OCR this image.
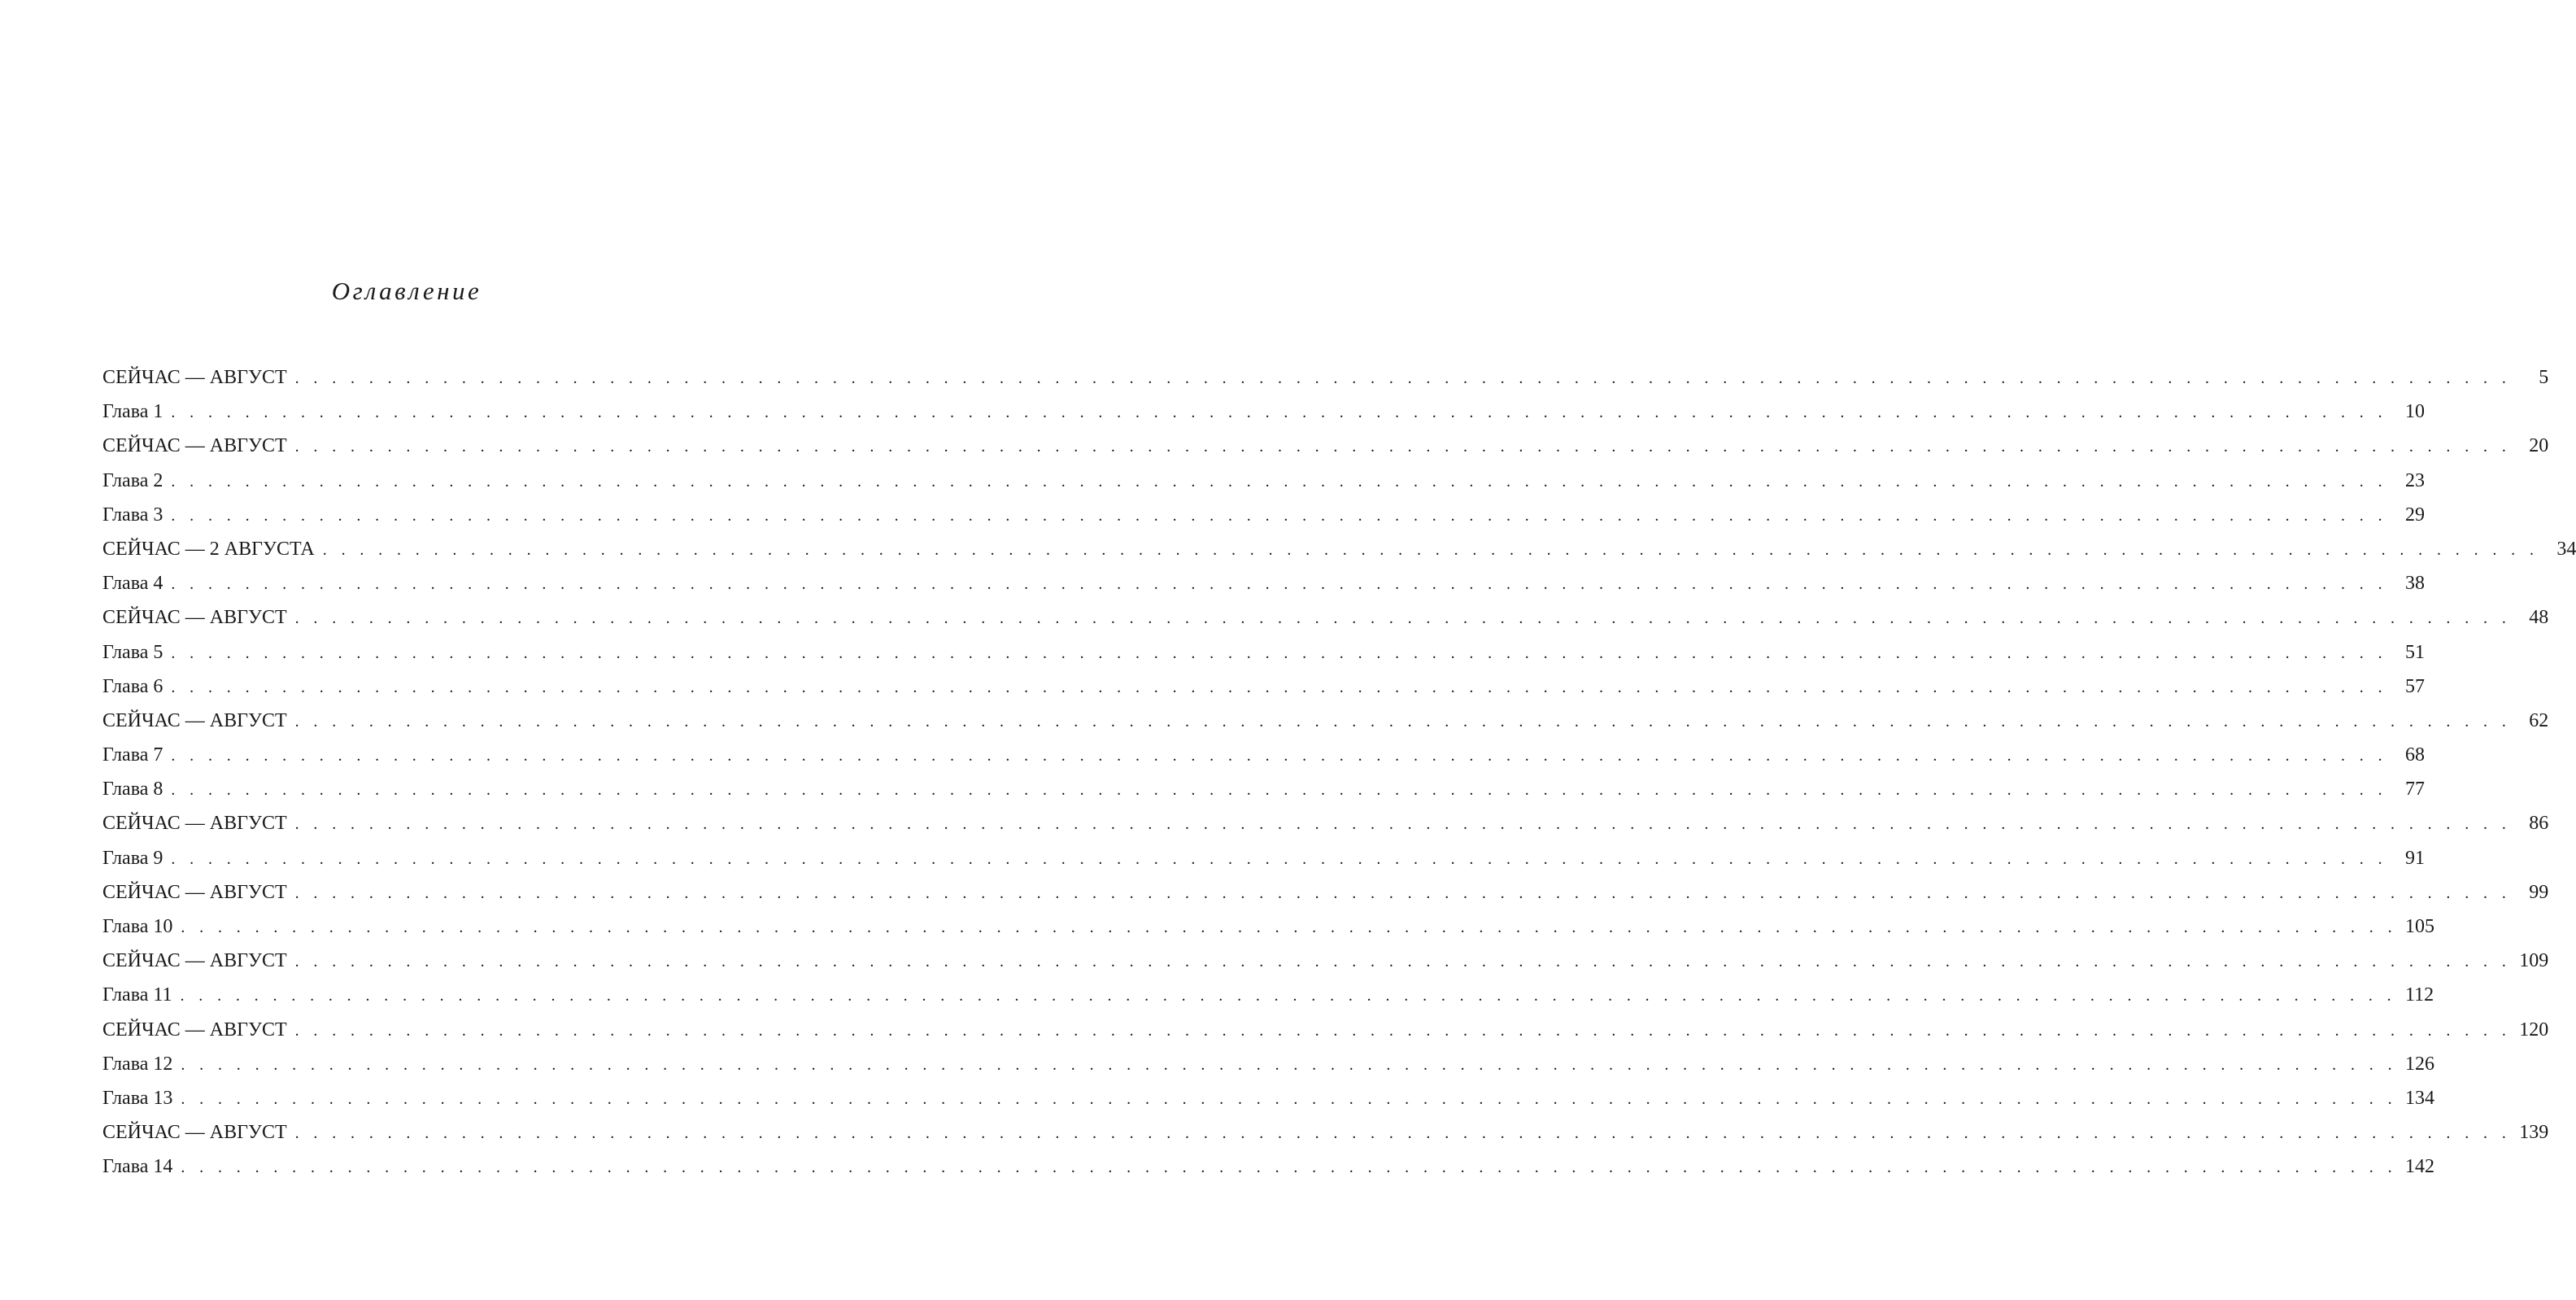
Оглавление
СЕЙЧАС — АВГУСТ . . . . . . . . . . . . . . . . . . . . . . . . . . . . . . . . . . . . . . . . . . . . . . . . . . . . . . . . . . . . . . . . . . . . . . . . . . . . . . . . . . . . . . . . . . . . . . . . . . . . . . . . . . . . . . . . . . . . . . . .	5
Глава 1 . . . . . . . . . . . . . . . . . . . . . . . . . . . . . . . . . . . . . . . . . . . . . . . . . . . . . . . . . . . . . . . . . . . . . . . . . . . . . . . . . . . . . . . . . . . . . . . . . . . . . . . . . . . . . . . . . . . . . . . . 10
СЕЙЧАС — АВГУСТ . . . . . . . . . . . . . . . . . . . . . . . . . . . . . . . . . . . . . . . . . . . . . . . . . . . . . . . . . . . . . . . . . . . . . . . . . . . . . . . . . . . . . . . . . . . . . . . . . . . . . . . . . . . . . . . . . . . . . . . . 20
Глава 2 . . . . . . . . . . . . . . . . . . . . . . . . . . . . . . . . . . . . . . . . . . . . . . . . . . . . . . . . . . . . . . . . . . . . . . . . . . . . . . . . . . . . . . . . . . . . . . . . . . . . . . . . . . . . . . . . . . . . . . . . 23
Глава 3 . . . . . . . . . . . . . . . . . . . . . . . . . . . . . . . . . . . . . . . . . . . . . . . . . . . . . . . . . . . . . . . . . . . . . . . . . . . . . . . . . . . . . . . . . . . . . . . . . . . . . . . . . . . . . . . . . . . . . . . . 29
СЕЙЧАС — 2 АВГУСТА . . . . . . . . . . . . . . . . . . . . . . . . . . . . . . . . . . . . . . . . . . . . . . . . . . . . . . . . . . . . . . . . . . . . . . . . . . . . . . . . . . . . . . . . . . . . . . . . . . . . . . . . . . . . . . . . . . . . . . . . 34
Глава 4 . . . . . . . . . . . . . . . . . . . . . . . . . . . . . . . . . . . . . . . . . . . . . . . . . . . . . . . . . . . . . . . . . . . . . . . . . . . . . . . . . . . . . . . . . . . . . . . . . . . . . . . . . . . . . . . . . . . . . . . . 38
СЕЙЧАС — АВГУСТ . . . . . . . . . . . . . . . . . . . . . . . . . . . . . . . . . . . . . . . . . . . . . . . . . . . . . . . . . . . . . . . . . . . . . . . . . . . . . . . . . . . . . . . . . . . . . . . . . . . . . . . . . . . . . . . . . . . . . . . . 48
Глава 5 . . . . . . . . . . . . . . . . . . . . . . . . . . . . . . . . . . . . . . . . . . . . . . . . . . . . . . . . . . . . . . . . . . . . . . . . . . . . . . . . . . . . . . . . . . . . . . . . . . . . . . . . . . . . . . . . . . . . . . . . 51
Глава 6 . . . . . . . . . . . . . . . . . . . . . . . . . . . . . . . . . . . . . . . . . . . . . . . . . . . . . . . . . . . . . . . . . . . . . . . . . . . . . . . . . . . . . . . . . . . . . . . . . . . . . . . . . . . . . . . . . . . . . . . . 57
СЕЙЧАС — АВГУСТ . . . . . . . . . . . . . . . . . . . . . . . . . . . . . . . . . . . . . . . . . . . . . . . . . . . . . . . . . . . . . . . . . . . . . . . . . . . . . . . . . . . . . . . . . . . . . . . . . . . . . . . . . . . . . . . . . . . . . . . . 62
Глава 7 . . . . . . . . . . . . . . . . . . . . . . . . . . . . . . . . . . . . . . . . . . . . . . . . . . . . . . . . . . . . . . . . . . . . . . . . . . . . . . . . . . . . . . . . . . . . . . . . . . . . . . . . . . . . . . . . . . . . . . . . 68
Глава 8 . . . . . . . . . . . . . . . . . . . . . . . . . . . . . . . . . . . . . . . . . . . . . . . . . . . . . . . . . . . . . . . . . . . . . . . . . . . . . . . . . . . . . . . . . . . . . . . . . . . . . . . . . . . . . . . . . . . . . . . . 77
СЕЙЧАС — АВГУСТ . . . . . . . . . . . . . . . . . . . . . . . . . . . . . . . . . . . . . . . . . . . . . . . . . . . . . . . . . . . . . . . . . . . . . . . . . . . . . . . . . . . . . . . . . . . . . . . . . . . . . . . . . . . . . . . . . . . . . . . . 86
Глава 9 . . . . . . . . . . . . . . . . . . . . . . . . . . . . . . . . . . . . . . . . . . . . . . . . . . . . . . . . . . . . . . . . . . . . . . . . . . . . . . . . . . . . . . . . . . . . . . . . . . . . . . . . . . . . . . . . . . . . . . . . 91
СЕЙЧАС — АВГУСТ . . . . . . . . . . . . . . . . . . . . . . . . . . . . . . . . . . . . . . . . . . . . . . . . . . . . . . . . . . . . . . . . . . . . . . . . . . . . . . . . . . . . . . . . . . . . . . . . . . . . . . . . . . . . . . . . . . . . . . . . 99
Глава 10 . . . . . . . . . . . . . . . . . . . . . . . . . . . . . . . . . . . . . . . . . . . . . . . . . . . . . . . . . . . . . . . . . . . . . . . . . . . . . . . . . . . . . . . . . . . . . . . . . . . . . . . . . . . . . . . . . . . . . . . . 105
СЕЙЧАС — АВГУСТ . . . . . . . . . . . . . . . . . . . . . . . . . . . . . . . . . . . . . . . . . . . . . . . . . . . . . . . . . . . . . . . . . . . . . . . . . . . . . . . . . . . . . . . . . . . . . . . . . . . . . . . . . . . . . . . . . . . . . . . . 109
Глава 11 . . . . . . . . . . . . . . . . . . . . . . . . . . . . . . . . . . . . . . . . . . . . . . . . . . . . . . . . . . . . . . . . . . . . . . . . . . . . . . . . . . . . . . . . . . . . . . . . . . . . . . . . . . . . . . . . . . . . . . . . 112
СЕЙЧАС — АВГУСТ . . . . . . . . . . . . . . . . . . . . . . . . . . . . . . . . . . . . . . . . . . . . . . . . . . . . . . . . . . . . . . . . . . . . . . . . . . . . . . . . . . . . . . . . . . . . . . . . . . . . . . . . . . . . . . . . . . . . . . . . 120
Глава 12 . . . . . . . . . . . . . . . . . . . . . . . . . . . . . . . . . . . . . . . . . . . . . . . . . . . . . . . . . . . . . . . . . . . . . . . . . . . . . . . . . . . . . . . . . . . . . . . . . . . . . . . . . . . . . . . . . . . . . . . . 126
Глава 13 . . . . . . . . . . . . . . . . . . . . . . . . . . . . . . . . . . . . . . . . . . . . . . . . . . . . . . . . . . . . . . . . . . . . . . . . . . . . . . . . . . . . . . . . . . . . . . . . . . . . . . . . . . . . . . . . . . . . . . . . 134
СЕЙЧАС — АВГУСТ . . . . . . . . . . . . . . . . . . . . . . . . . . . . . . . . . . . . . . . . . . . . . . . . . . . . . . . . . . . . . . . . . . . . . . . . . . . . . . . . . . . . . . . . . . . . . . . . . . . . . . . . . . . . . . . . . . . . . . . . 139
Глава 14 . . . . . . . . . . . . . . . . . . . . . . . . . . . . . . . . . . . . . . . . . . . . . . . . . . . . . . . . . . . . . . . . . . . . . . . . . . . . . . . . . . . . . . . . . . . . . . . . . . . . . . . . . . . . . . . . . . . . . . . . 142
